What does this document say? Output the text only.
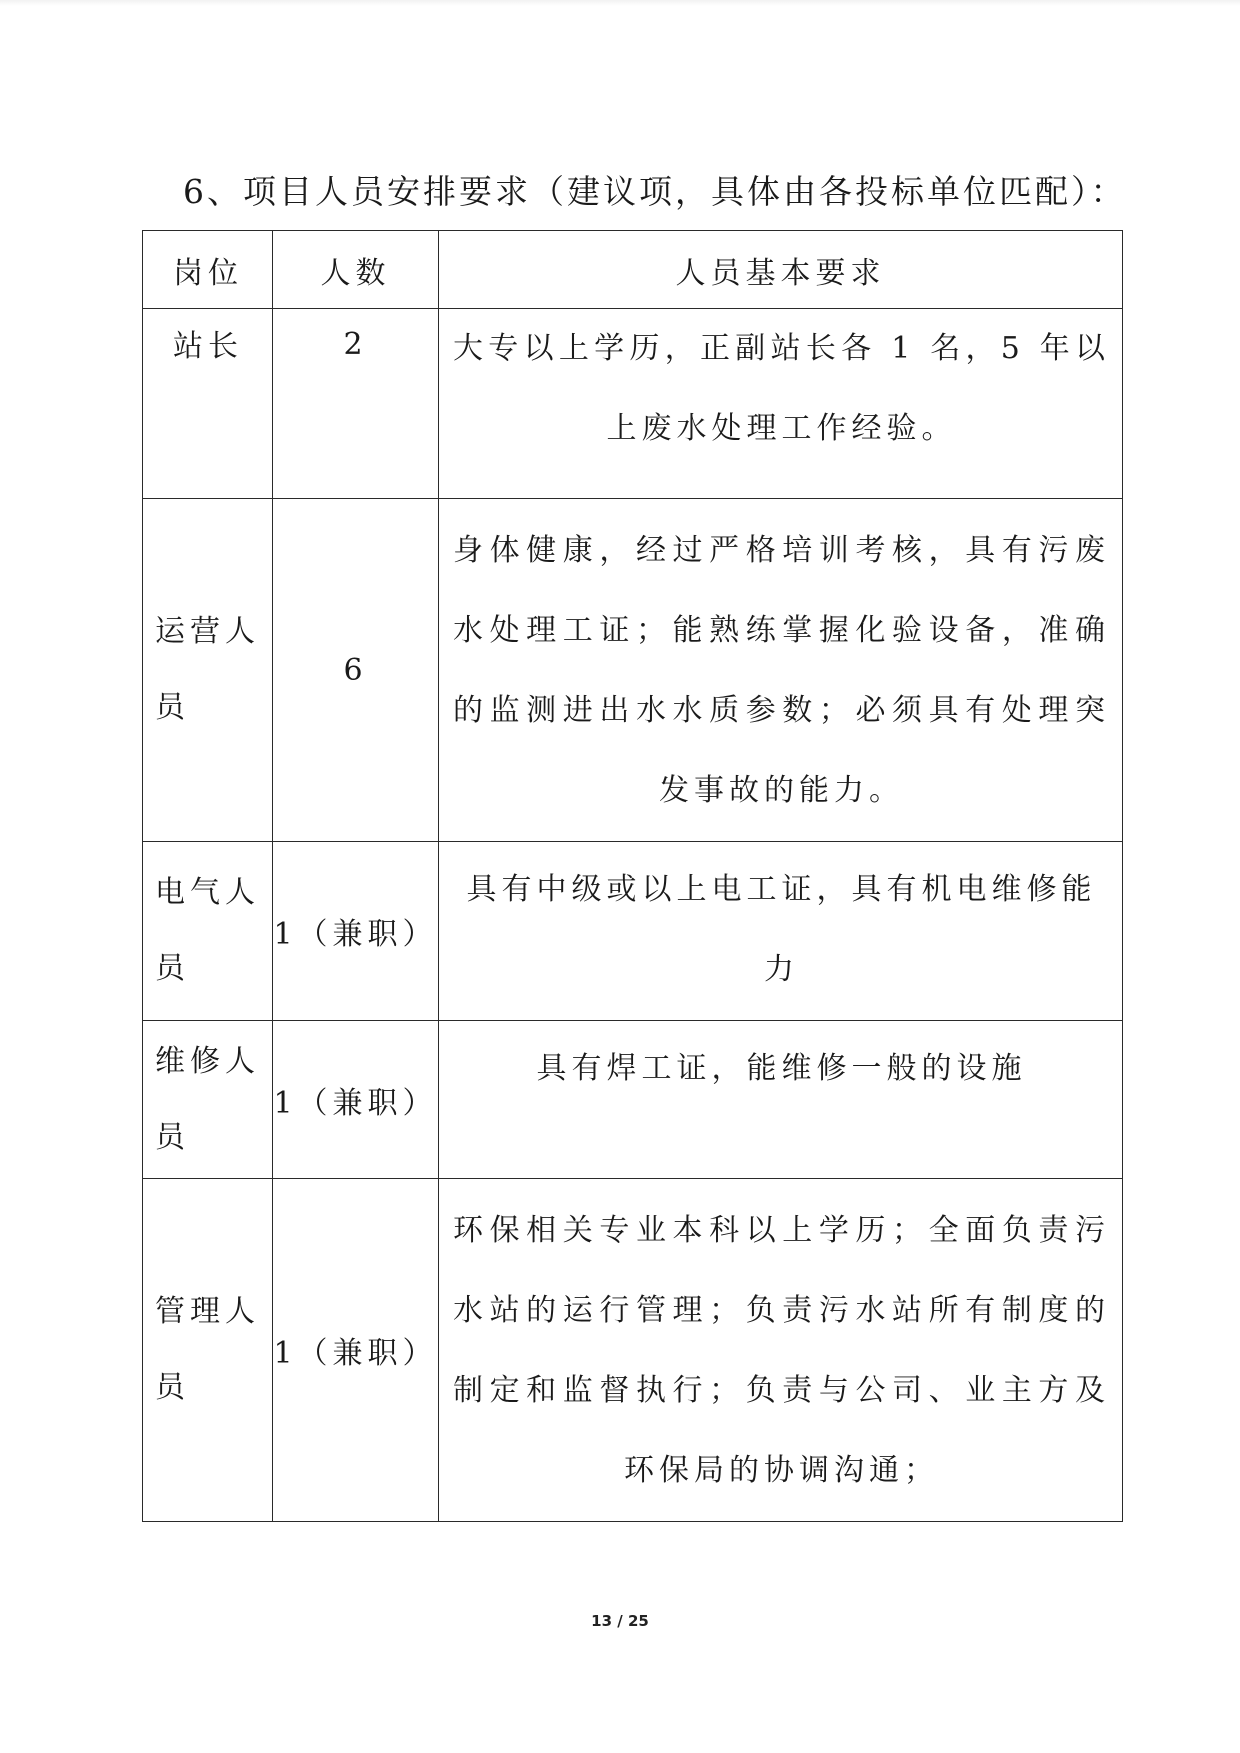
6、项目人员安排要求（建议项，具体由各投标单位匹配）：
岗位	人数	人员基本要求
站长	2	大专以上学历，正副站长各 1 名，5 年以上废水处理工作经验。
运营人员	6	身体健康，经过严格培训考核，具有污废水处理工证；能熟练掌握化验设备，准确的监测进出水水质参数；必须具有处理突发事故的能力。
电气人员	1（兼职）	具有中级或以上电工证，具有机电维修能力
维修人员	1（兼职）	具有焊工证，能维修一般的设施
管理人员	1（兼职）	环保相关专业本科以上学历；全面负责污水站的运行管理；负责污水站所有制度的制定和监督执行；负责与公司、业主方及环保局的协调沟通；
13 / 25
